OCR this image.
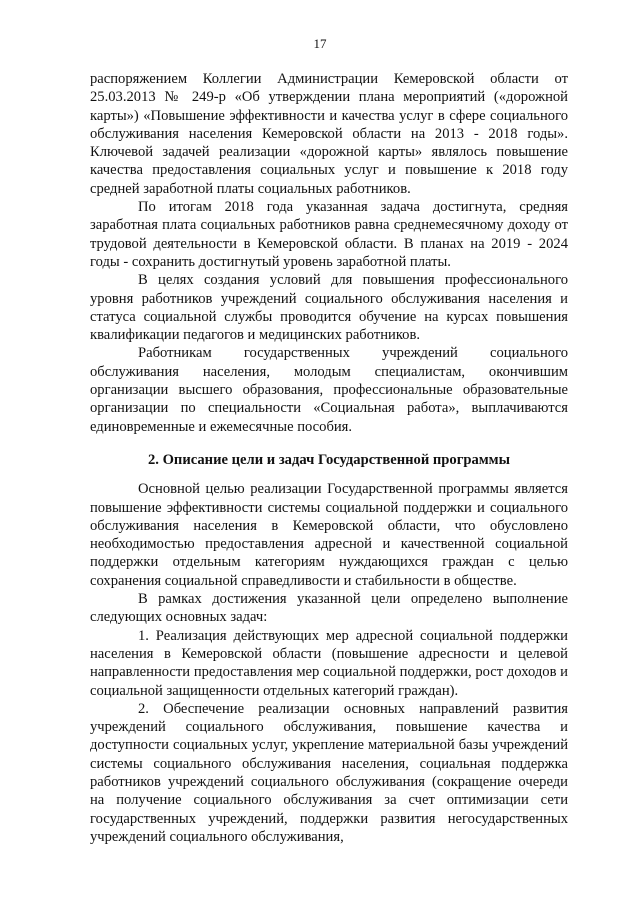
17

распоряжением Коллегии Администрации Кемеровской области от 25.03.2013 № 249-р «Об утверждении плана мероприятий («дорожной карты») «Повышение эффективности и качества услуг в сфере социального обслуживания населения Кемеровской области на 2013 - 2018 годы». Ключевой задачей реализации «дорожной карты» являлось повышение качества предоставления социальных услуг и повышение к 2018 году средней заработной платы социальных работников.

По итогам 2018 года указанная задача достигнута, средняя заработная плата социальных работников равна среднемесячному доходу от трудовой деятельности в Кемеровской области. В планах на 2019 - 2024 годы - сохранить достигнутый уровень заработной платы.

В целях создания условий для повышения профессионального уровня работников учреждений социального обслуживания населения и статуса социальной службы проводится обучение на курсах повышения квалификации педагогов и медицинских работников.

Работникам государственных учреждений социального обслуживания населения, молодым специалистам, окончившим организации высшего образования, профессиональные образовательные организации по специальности «Социальная работа», выплачиваются единовременные и ежемесячные пособия.

2. Описание цели и задач Государственной программы

Основной целью реализации Государственной программы является повышение эффективности системы социальной поддержки и социального обслуживания населения в Кемеровской области, что обусловлено необходимостью предоставления адресной и качественной социальной поддержки отдельным категориям нуждающихся граждан с целью сохранения социальной справедливости и стабильности в обществе.

В рамках достижения указанной цели определено выполнение следующих основных задач:

1. Реализация действующих мер адресной социальной поддержки населения в Кемеровской области (повышение адресности и целевой направленности предоставления мер социальной поддержки, рост доходов и социальной защищенности отдельных категорий граждан).

2. Обеспечение реализации основных направлений развития учреждений социального обслуживания, повышение качества и доступности социальных услуг, укрепление материальной базы учреждений системы социального обслуживания населения, социальная поддержка работников учреждений социального обслуживания (сокращение очереди на получение социального обслуживания за счет оптимизации сети государственных учреждений, поддержки развития негосударственных учреждений социального обслуживания,
